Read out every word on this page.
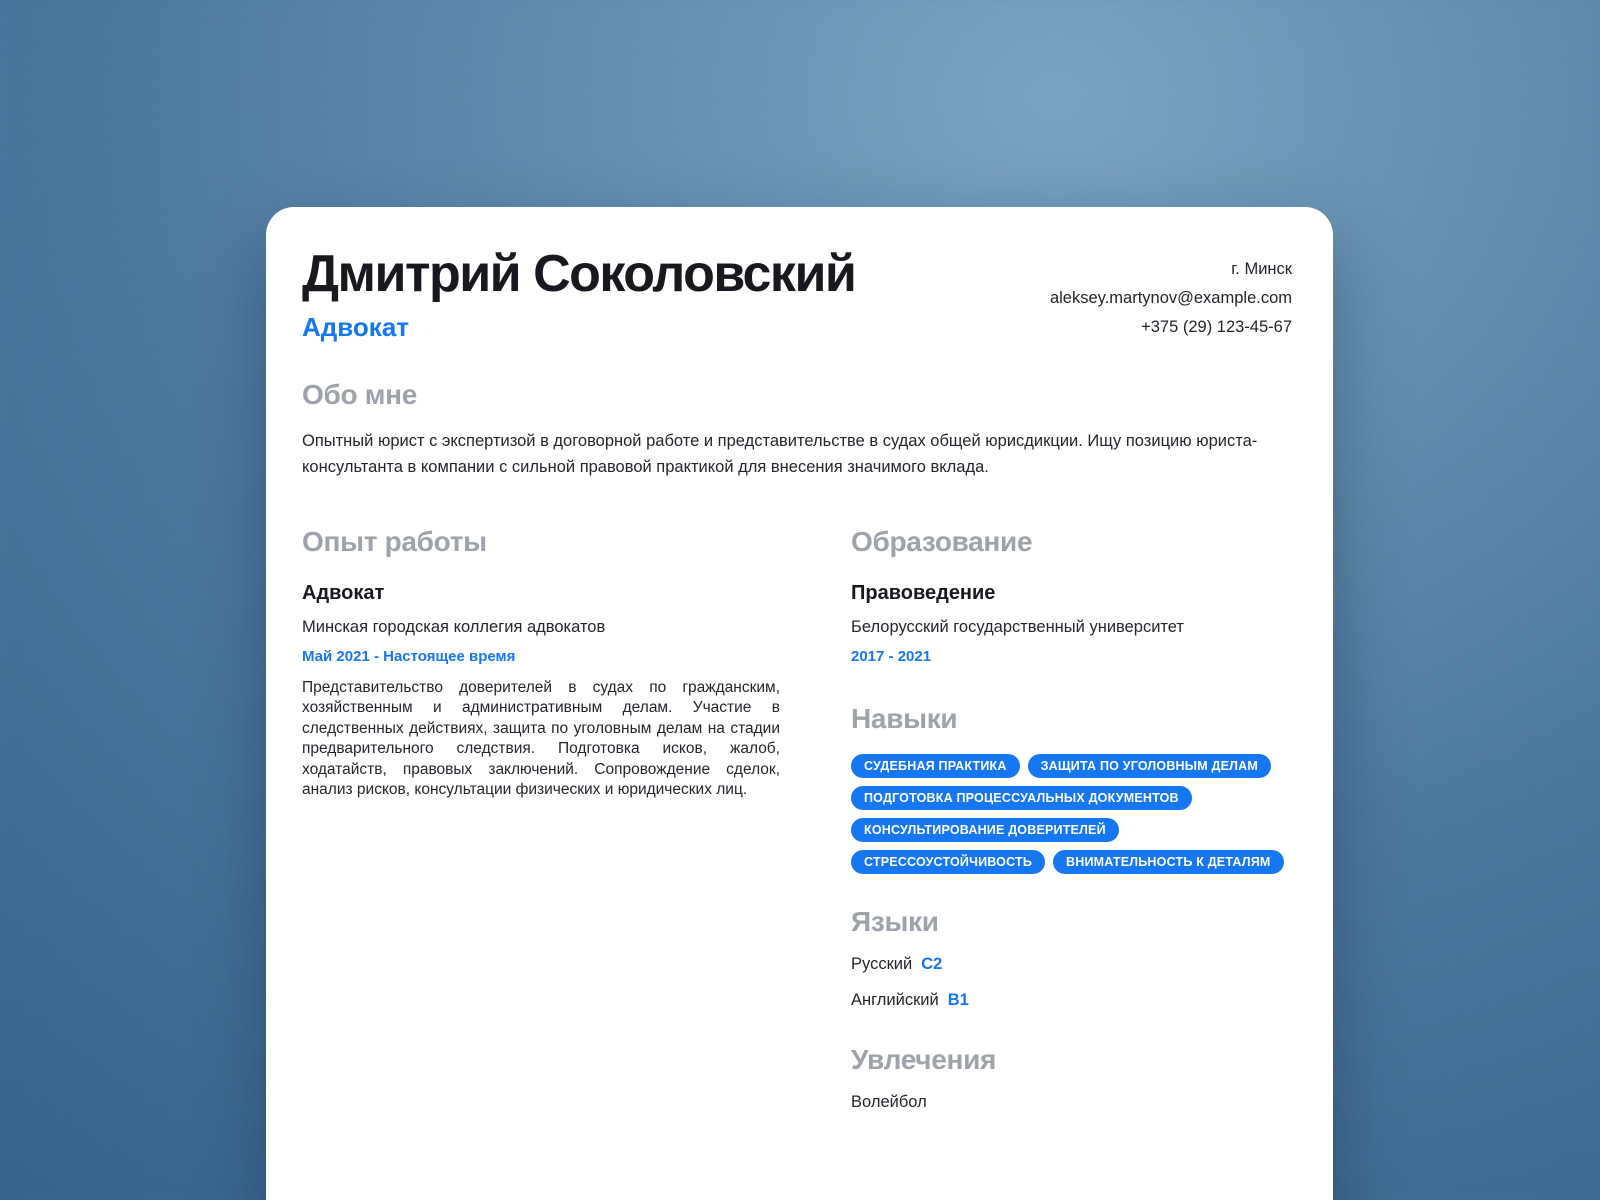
Дмитрий Соколовский
Адвокат
г. Минск
aleksey.martynov@example.com
+375 (29) 123-45-67
Обо мне

Опытный юрист с экспертизой в договорной работе и представительстве в судах общей юрисдикции. Ищу позицию юриста-консультанта в компании с сильной правовой практикой для внесения значимого вклада.

Опыт работы
Адвокат
Минская городская коллегия адвокатов
Май 2021 - Настоящее время

Представительство доверителей в судах по гражданским, хозяйственным и административным делам. Участие в следственных действиях, защита по уголовным делам на стадии предварительного следствия. Подготовка исков, жалоб, ходатайств, правовых заключений. Сопровождение сделок, анализ рисков, консультации физических и юридических лиц.

Образование
Правоведение
Белорусский государственный университет
2017 - 2021
Навыки
СУДЕБНАЯ ПРАКТИКА	ЗАЩИТА ПО УГОЛОВНЫМ ДЕЛАМ
ПОДГОТОВКА ПРОЦЕССУАЛЬНЫХ ДОКУМЕНТОВ
КОНСУЛЬТИРОВАНИЕ ДОВЕРИТЕЛЕЙ
СТРЕССОУСТОЙЧИВОСТЬ	ВНИМАТЕЛЬНОСТЬ К ДЕТАЛЯМ
Языки
Русский C2
Английский B1
Увлечения
Волейбол
